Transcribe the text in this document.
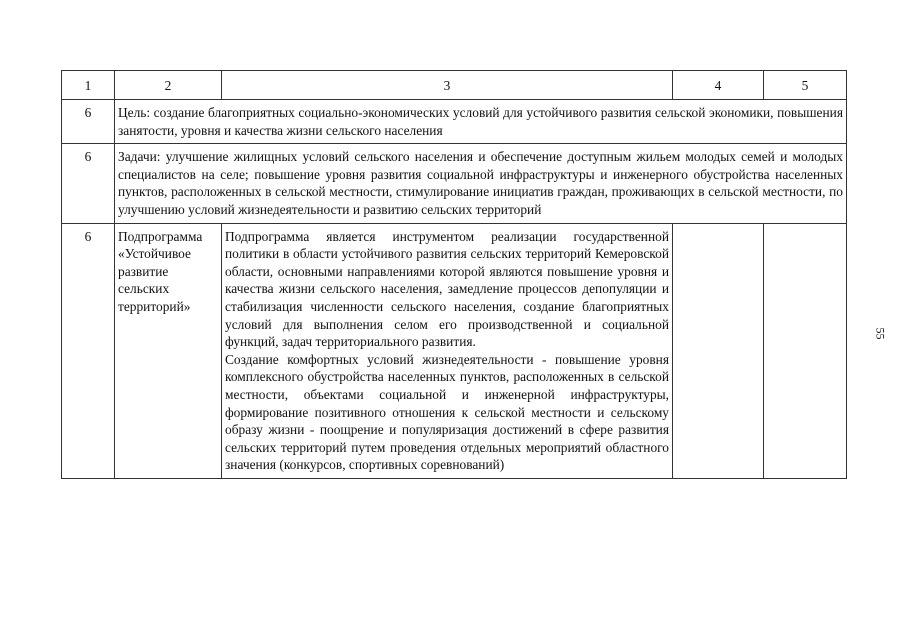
1	2	3	4	5
6	Цель: создание благоприятных социально-экономических условий для устойчивого развития сельской экономики, повышения занятости, уровня и качества жизни сельского населения			
6	Задачи: улучшение жилищных условий сельского населения и обеспечение доступным жильем молодых семей и молодых специалистов на селе; повышение уровня развития социальной инфраструктуры и инженерного обустройства населенных пунктов, расположенных в сельской местности, стимулирование инициатив граждан, проживающих в сельской местности, по улучшению условий жизнедеятельности и развитию сельских территорий			
6	Подпрограмма «Устойчивое развитие сельских территорий»	Подпрограмма является инструментом реализации государственной политики в области устойчивого развития сельских территорий Кемеровской области, основными направлениями которой являются повышение уровня и качества жизни сельского населения, замедление процессов депопуляции и стабилизация численности сельского населения, создание благоприятных условий для выполнения селом его производственной и социальной функций, задач территориального развития.
Создание комфортных условий жизнедеятельности - повышение уровня комплексного обустройства населенных пунктов, расположенных в сельской местности, объектами социальной и инженерной инфраструктуры, формирование позитивного отношения к сельской местности и сельскому образу жизни - поощрение и популяризация достижений в сфере развития сельских территорий путем проведения отдельных мероприятий областного значения (конкурсов, спортивных соревнований)		

55
